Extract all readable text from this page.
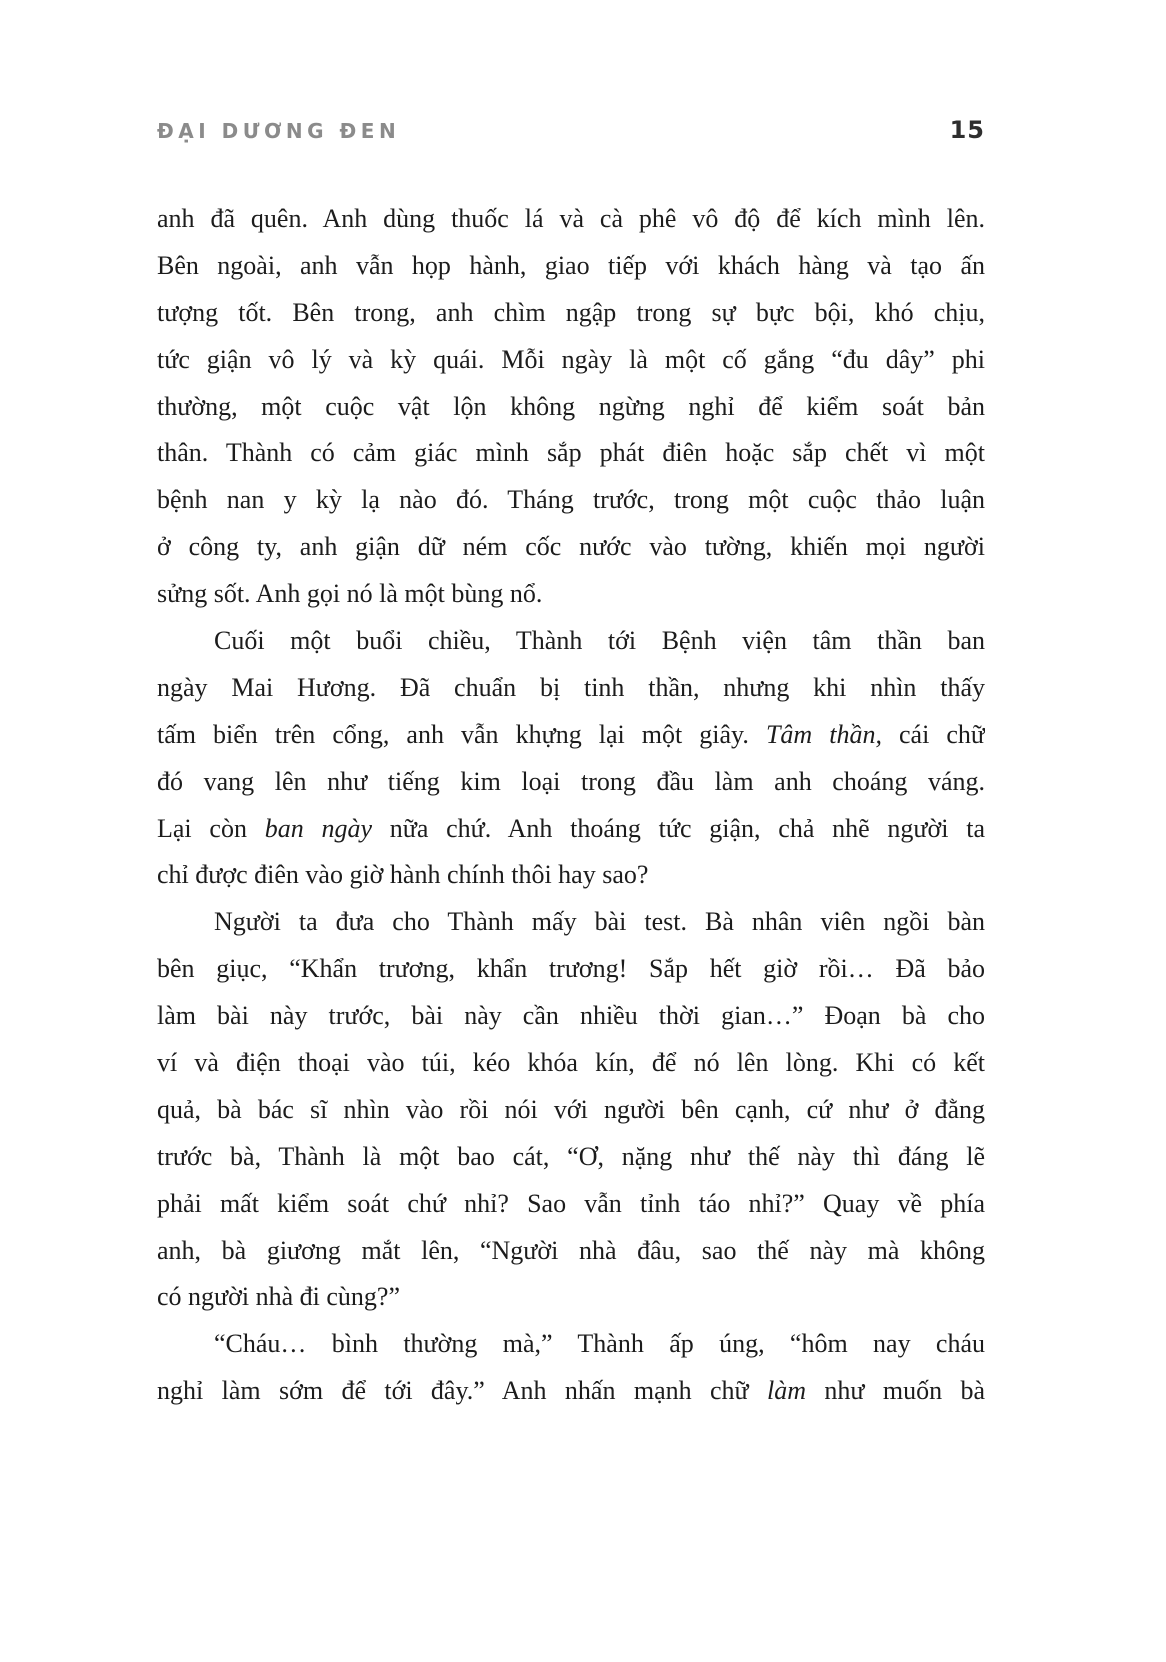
ĐẠI DƯƠNG ĐEN	15
anh đã quên. Anh dùng thuốc lá và cà phê vô độ để kích mình lên.
Bên ngoài, anh vẫn họp hành, giao tiếp với khách hàng và tạo ấn
tượng tốt. Bên trong, anh chìm ngập trong sự bực bội, khó chịu,
tức giận vô lý và kỳ quái. Mỗi ngày là một cố gắng “đu dây” phi
thường, một cuộc vật lộn không ngừng nghỉ để kiểm soát bản
thân. Thành có cảm giác mình sắp phát điên hoặc sắp chết vì một
bệnh nan y kỳ lạ nào đó. Tháng trước, trong một cuộc thảo luận
ở công ty, anh giận dữ ném cốc nước vào tường, khiến mọi người
sửng sốt. Anh gọi nó là một bùng nổ.
Cuối một buổi chiều, Thành tới Bệnh viện tâm thần ban
ngày Mai Hương. Đã chuẩn bị tinh thần, nhưng khi nhìn thấy
tấm biển trên cổng, anh vẫn khựng lại một giây. Tâm thần, cái chữ
đó vang lên như tiếng kim loại trong đầu làm anh choáng váng.
Lại còn ban ngày nữa chứ. Anh thoáng tức giận, chả nhẽ người ta
chỉ được điên vào giờ hành chính thôi hay sao?
Người ta đưa cho Thành mấy bài test. Bà nhân viên ngồi bàn
bên giục, “Khẩn trương, khẩn trương! Sắp hết giờ rồi… Đã bảo
làm bài này trước, bài này cần nhiều thời gian…” Đoạn bà cho
ví và điện thoại vào túi, kéo khóa kín, để nó lên lòng. Khi có kết
quả, bà bác sĩ nhìn vào rồi nói với người bên cạnh, cứ như ở đằng
trước bà, Thành là một bao cát, “Ơ, nặng như thế này thì đáng lẽ
phải mất kiểm soát chứ nhỉ? Sao vẫn tỉnh táo nhỉ?” Quay về phía
anh, bà giương mắt lên, “Người nhà đâu, sao thế này mà không
có người nhà đi cùng?”
“Cháu… bình thường mà,” Thành ấp úng, “hôm nay cháu
nghỉ làm sớm để tới đây.” Anh nhấn mạnh chữ làm như muốn bà
